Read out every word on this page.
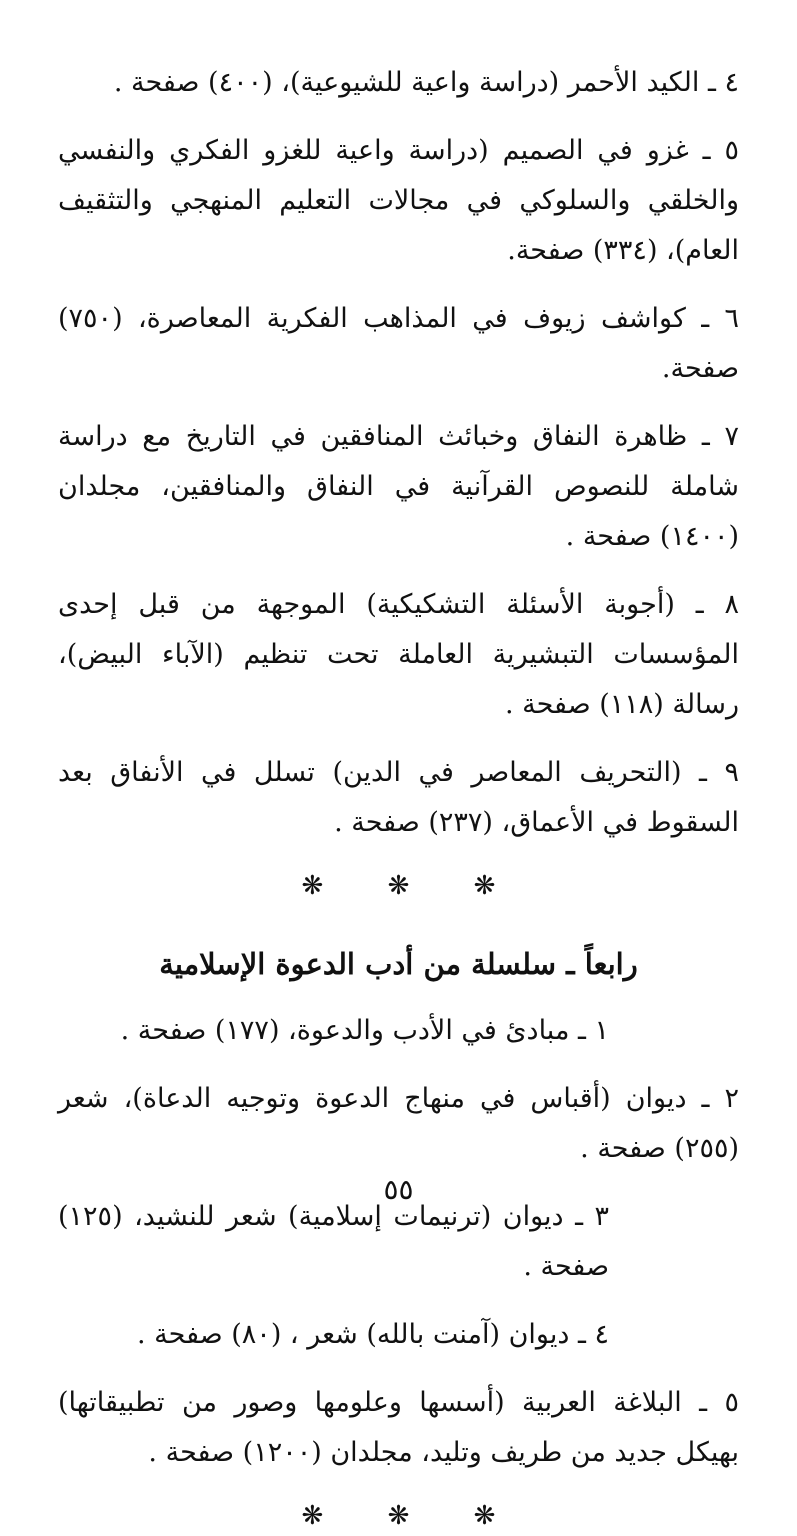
٤ ـ الكيد الأحمر (دراسة واعية للشيوعية)، (٤٠٠) صفحة .

٥ ـ غزو في الصميم (دراسة واعية للغزو الفكري والنفسي والخلقي والسلوكي في مجالات التعليم المنهجي والتثقيف العام)، (٣٣٤) صفحة.

٦ ـ كواشف زيوف في المذاهب الفكرية المعاصرة، (٧٥٠) صفحة.

٧ ـ ظاهرة النفاق وخبائث المنافقين في التاريخ مع دراسة شاملة للنصوص القرآنية في النفاق والمنافقين، مجلدان (١٤٠٠) صفحة .

٨ ـ (أجوبة الأسئلة التشكيكية) الموجهة من قبل إحدى المؤسسات التبشيرية العاملة تحت تنظيم (الآباء البيض)، رسالة (١١٨) صفحة .

٩ ـ (التحريف المعاصر في الدين) تسلل في الأنفاق بعد السقوط في الأعماق، (٢٣٧) صفحة .

❋ ❋ ❋
رابعاً ـ سلسلة من أدب الدعوة الإسلامية

١ ـ مبادئ في الأدب والدعوة، (١٧٧) صفحة .

٢ ـ ديوان (أقباس في منهاج الدعوة وتوجيه الدعاة)، شعر (٢٥٥) صفحة .

٣ ـ ديوان (ترنيمات إسلامية) شعر للنشيد، (١٢٥) صفحة .

٤ ـ ديوان (آمنت بالله) شعر ، (٨٠) صفحة .

٥ ـ البلاغة العربية (أسسها وعلومها وصور من تطبيقاتها) بهيكل جديد من طريف وتليد، مجلدان (١٢٠٠) صفحة .

❋ ❋ ❋
٥٥
